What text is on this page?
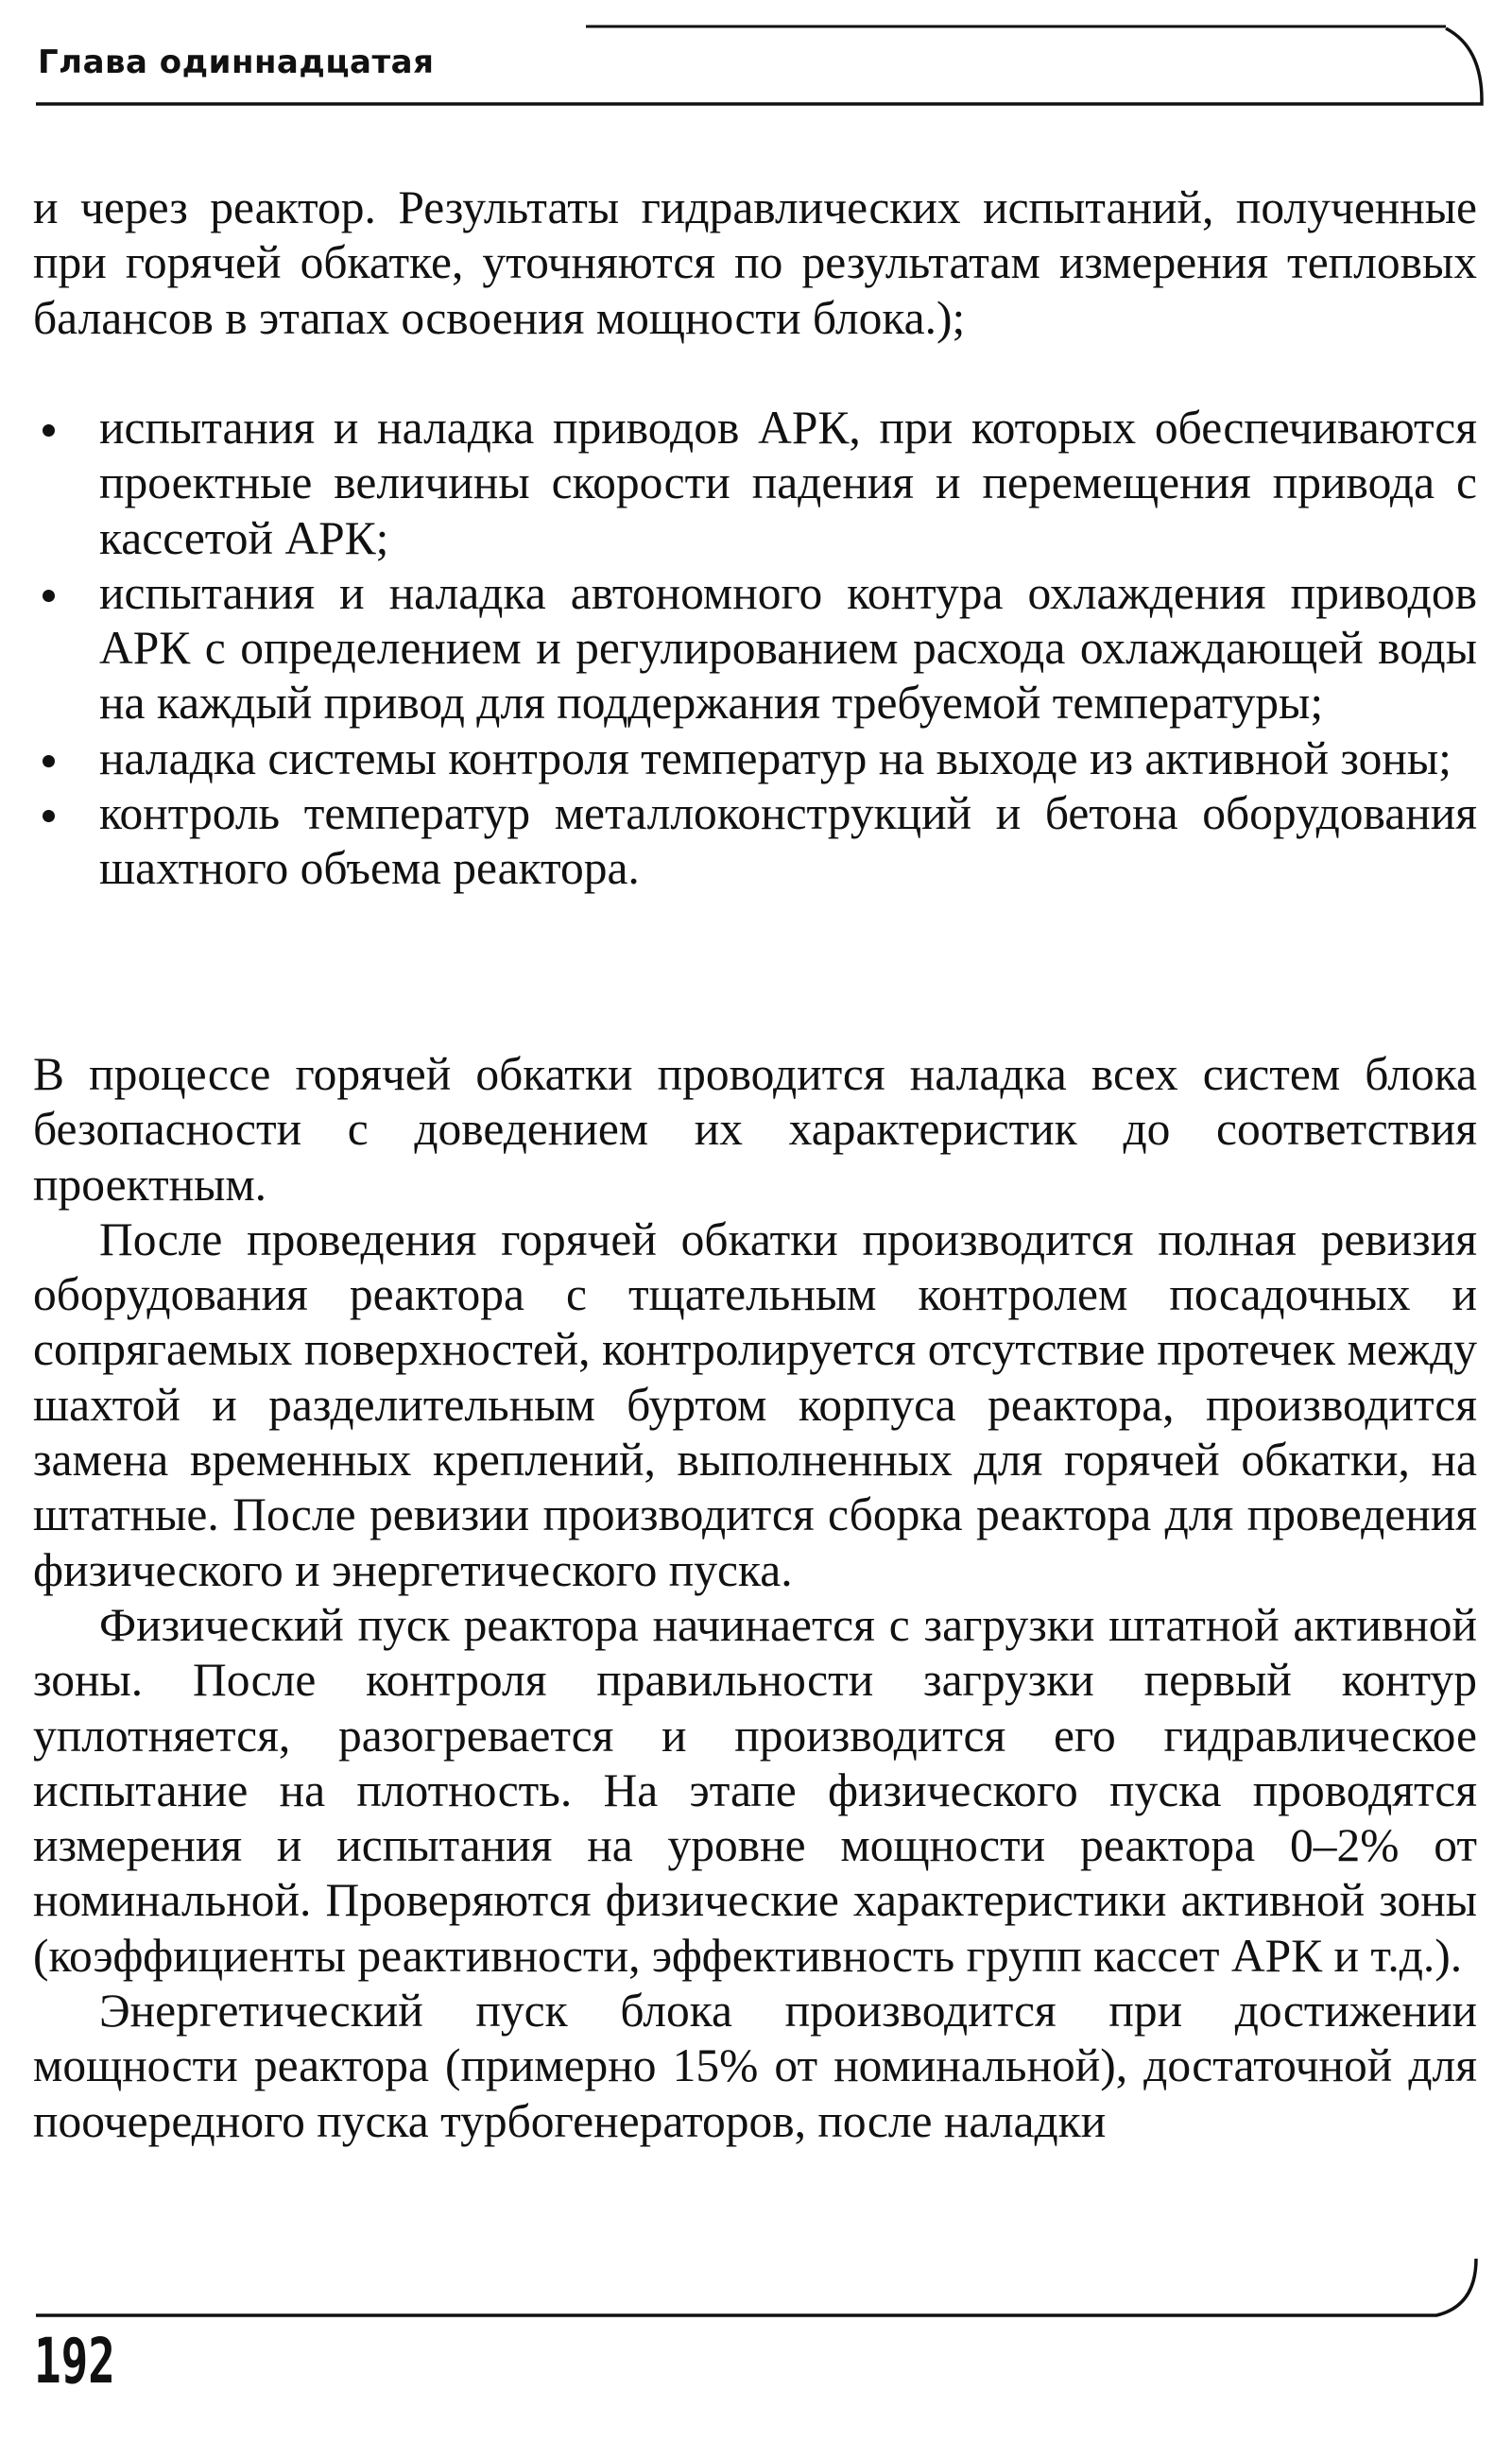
Глава одиннадцатая
и через реактор. Результаты гидравлических испытаний, полученные при горячей обкатке, уточняются по результатам измерения тепловых балансов в этапах освоения мощности блока.);
испытания и наладка приводов АРК, при которых обеспечиваются проектные величины скорости падения и перемещения привода с кассетой АРК;
испытания и наладка автономного контура охлаждения приводов АРК с определением и регулированием расхода охлаждающей воды на каждый привод для поддержания требуемой температуры;
наладка системы контроля температур на выходе из активной зоны;
контроль температур металлоконструкций и бетона оборудования шахтного объема реактора.

В процессе горячей обкатки проводится наладка всех систем блока безопасности с доведением их характеристик до соответствия проектным.

После проведения горячей обкатки производится полная ревизия оборудования реактора с тщательным контролем посадочных и сопрягаемых поверхностей, контролируется отсутствие протечек между шахтой и разделительным буртом корпуса реактора, производится замена временных креплений, выполненных для горячей обкатки, на штатные. После ревизии производится сборка реактора для проведения физического и энергетического пуска.

Физический пуск реактора начинается с загрузки штатной активной зоны. После контроля правильности загрузки первый контур уплотняется, разогревается и производится его гидравлическое испытание на плотность. На этапе физического пуска проводятся измерения и испытания на уровне мощности реактора 0–2% от номинальной. Проверяются физические характеристики активной зоны (коэффициенты реактивности, эффективность групп кассет АРК и т.д.).

Энергетический пуск блока производится при достижении мощности реактора (примерно 15% от номинальной), достаточной для поочередного пуска турбогенераторов, после наладки

192
